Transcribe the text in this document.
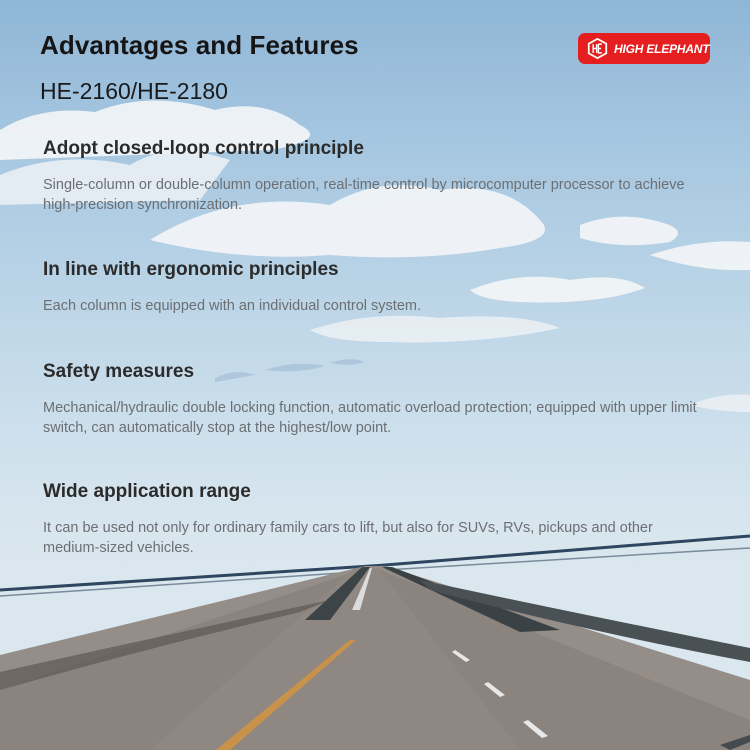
Advantages and Features
HE-2160/HE-2180
HIGH ELEPHANT
Adopt closed-loop control principle

Single-column or double-column operation, real-time control by microcomputer processor to achieve high-precision synchronization.

In line with ergonomic principles

Each column is equipped with an individual control system.

Safety measures

Mechanical/hydraulic double locking function, automatic overload protection; equipped with upper limit switch, can automatically stop at the highest/low point.

Wide application range

It can be used not only for ordinary family cars to lift, but also for SUVs, RVs, pickups and other medium-sized vehicles.
